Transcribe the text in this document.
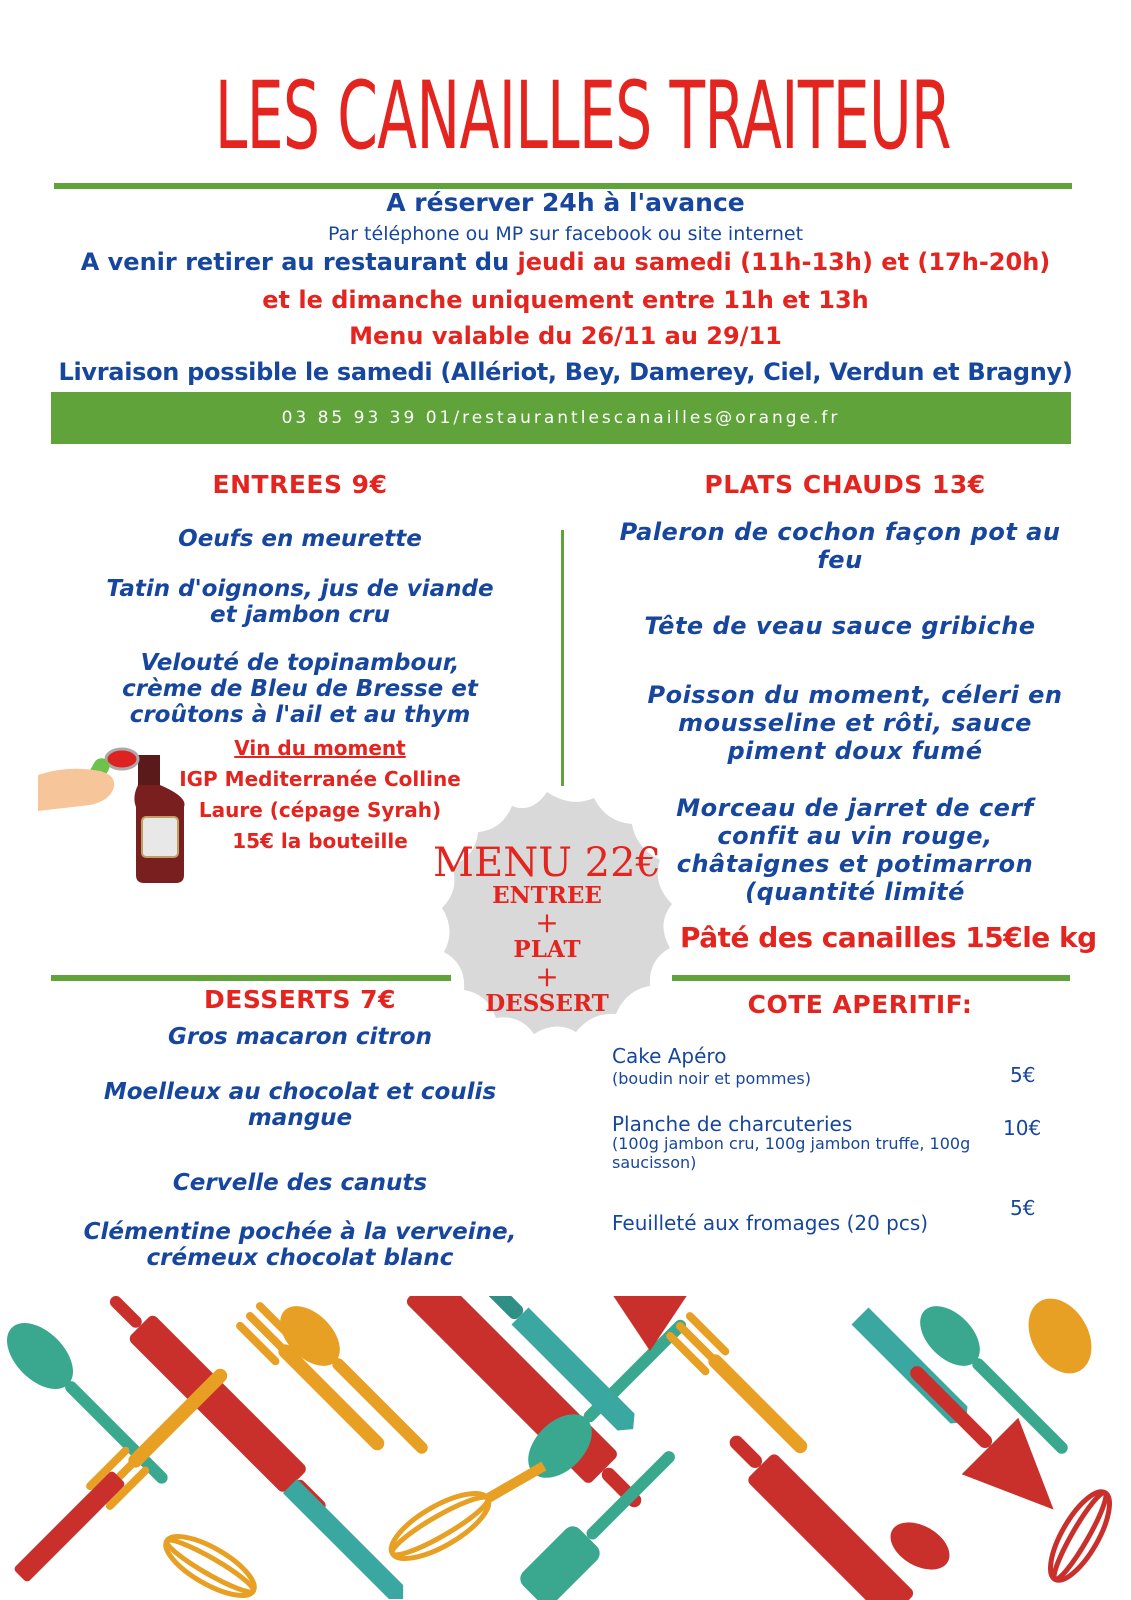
LES CANAILLES TRAITEUR
A réserver 24h à l'avance
Par téléphone ou MP sur facebook ou site internet
A venir retirer au restaurant du jeudi au samedi (11h-13h) et (17h-20h)
et le dimanche uniquement entre 11h et 13h
Menu valable du 26/11 au 29/11
Livraison possible le samedi (Allériot, Bey, Damerey, Ciel, Verdun et Bragny)
03 85 93 39 01/restaurantlescanailles@orange.fr
ENTREES 9€
Oeufs en meurette
Tatin d'oignons, jus de viande et jambon cru
Velouté de topinambour, crème de Bleu de Bresse et croûtons à l'ail et au thym
Vin du moment
IGP Mediterranée Colline
Laure (cépage Syrah)
15€ la bouteille
PLATS CHAUDS 13€
Paleron de cochon façon pot au feu
Tête de veau sauce gribiche
Poisson du moment, céleri en mousseline et rôti, sauce piment doux fumé
Morceau de jarret de cerf confit au vin rouge, châtaignes et potimarron (quantité limité
Pâté des canailles 15€le kg
MENU 22€
ENTREE
+
PLAT
+
DESSERT
DESSERTS 7€
Gros macaron citron
Moelleux au chocolat et coulis mangue
Cervelle des canuts
Clémentine pochée à la verveine, crémeux chocolat blanc
COTE APERITIF:
Cake Apéro
(boudin noir et pommes)	5€
Planche de charcuteries
(100g jambon cru, 100g jambon truffe, 100g saucisson)
10€
Feuilleté aux fromages (20 pcs)
5€
